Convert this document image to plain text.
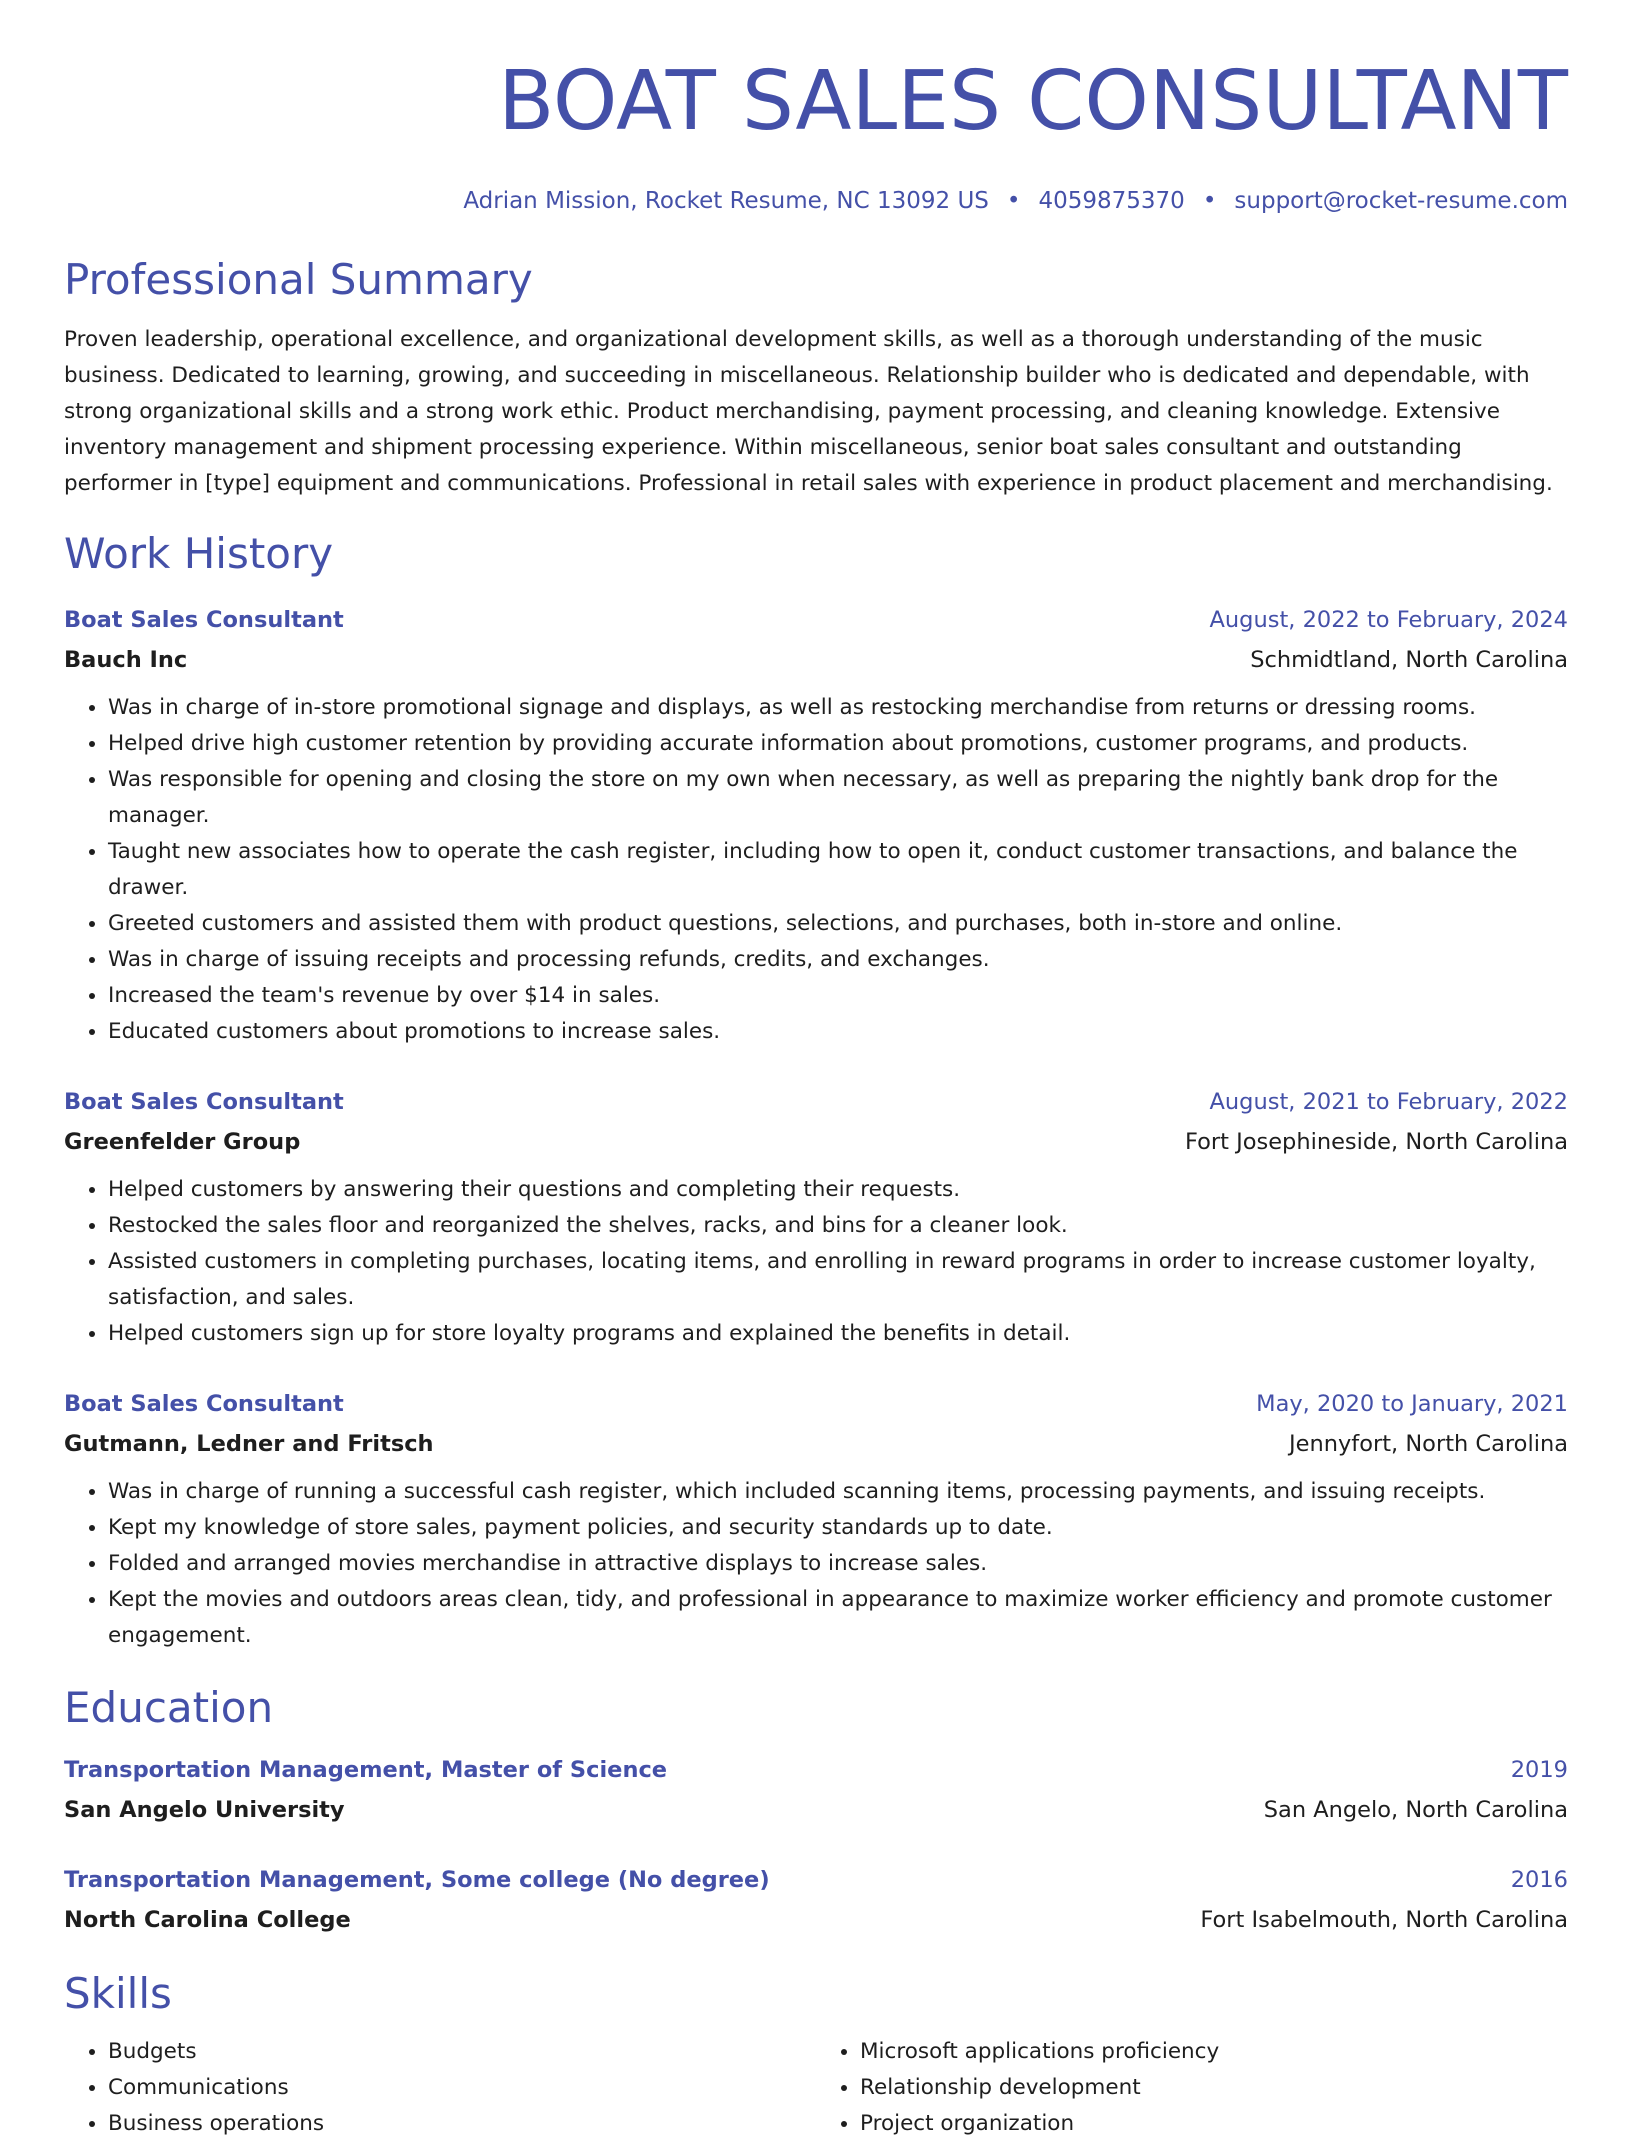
BOAT SALES CONSULTANT
Adrian Mission, Rocket Resume, NC 13092 US • 4059875370 • support@rocket-resume.com
Professional Summary
Proven leadership, operational excellence, and organizational development skills, as well as a thorough understanding of the music business. Dedicated to learning, growing, and succeeding in miscellaneous. Relationship builder who is dedicated and dependable, with strong organizational skills and a strong work ethic. Product merchandising, payment processing, and cleaning knowledge. Extensive inventory management and shipment processing experience. Within miscellaneous, senior boat sales consultant and outstanding performer in [type] equipment and communications. Professional in retail sales with experience in product placement and merchandising.
Work History
Boat Sales Consultant	August, 2022 to February, 2024
Bauch Inc	Schmidtland, North Carolina
• Was in charge of in-store promotional signage and displays, as well as restocking merchandise from returns or dressing rooms.
• Helped drive high customer retention by providing accurate information about promotions, customer programs, and products.
• Was responsible for opening and closing the store on my own when necessary, as well as preparing the nightly bank drop for the manager.
• Taught new associates how to operate the cash register, including how to open it, conduct customer transactions, and balance the drawer.
• Greeted customers and assisted them with product questions, selections, and purchases, both in-store and online.
• Was in charge of issuing receipts and processing refunds, credits, and exchanges.
• Increased the team's revenue by over $14 in sales.
• Educated customers about promotions to increase sales.
Boat Sales Consultant	August, 2021 to February, 2022
Greenfelder Group	Fort Josephineside, North Carolina
• Helped customers by answering their questions and completing their requests.
• Restocked the sales floor and reorganized the shelves, racks, and bins for a cleaner look.
• Assisted customers in completing purchases, locating items, and enrolling in reward programs in order to increase customer loyalty, satisfaction, and sales.
• Helped customers sign up for store loyalty programs and explained the benefits in detail.
Boat Sales Consultant	May, 2020 to January, 2021
Gutmann, Ledner and Fritsch	Jennyfort, North Carolina
• Was in charge of running a successful cash register, which included scanning items, processing payments, and issuing receipts.
• Kept my knowledge of store sales, payment policies, and security standards up to date.
• Folded and arranged movies merchandise in attractive displays to increase sales.
• Kept the movies and outdoors areas clean, tidy, and professional in appearance to maximize worker efficiency and promote customer engagement.
Education
Transportation Management, Master of Science	2019
San Angelo University	San Angelo, North Carolina
Transportation Management, Some college (No degree)	2016
North Carolina College	Fort Isabelmouth, North Carolina
Skills
• Budgets
• Communications
• Business operations
• Microsoft applications proficiency
• Relationship development
• Project organization
